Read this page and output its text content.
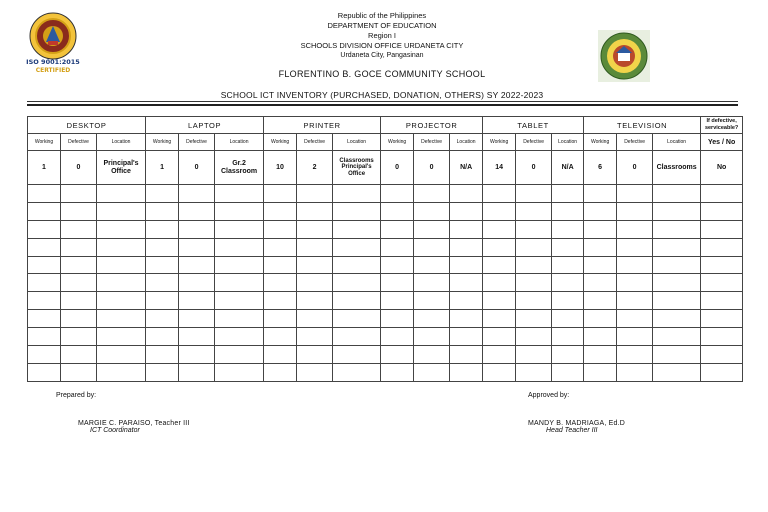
ISO 9001:2015
CERTIFIED
Republic of the Philippines
DEPARTMENT OF EDUCATION
Region I
SCHOOLS DIVISION OFFICE URDANETA CITY
Urdaneta City, Pangasinan
FLORENTINO B. GOCE COMMUNITY SCHOOL
SCHOOL ICT INVENTORY (PURCHASED, DONATION, OTHERS) SY 2022-2023
DESKTOP			LAPTOP			PRINTER			PROJECTOR			TABLET			TELEVISION			If defective, serviceable?
Working	Defective	Location	Working	Defective	Location	Working	Defective	Location	Working	Defective	Location	Working	Defective	Location	Working	Defective	Location	Yes / No
1	0	Principal's Office	1	0	Gr.2 Classroom	10	2	Classrooms Principal's Office	0	0	N/A	14	0	N/A	6	0	Classrooms	No

Prepared by:
MARGIE C. PARAISO, Teacher III
ICT Coordinator
Approved by:
MANDY B. MADRIAGA, Ed.D
Head Teacher III
